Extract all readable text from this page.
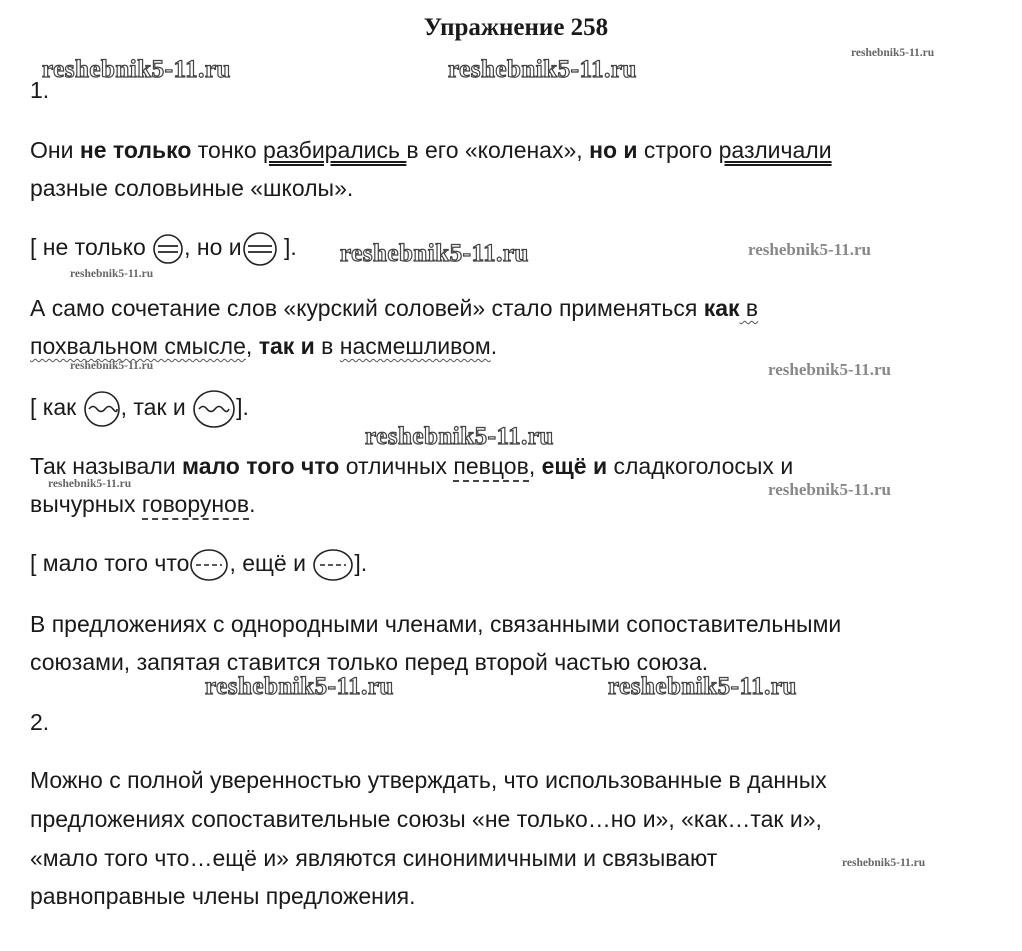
Упражнение 258
reshebnik5-11.ru
reshebnik5-11.ru	reshebnik5-11.ru
1.
Они не только тонко разбирались в его «коленах», но и строго различали
разные соловьиные «школы».
[ не только , но и ]. reshebnik5-11.ru	reshebnik5-11.ru
reshebnik5-11.ru
А само сочетание слов «курский соловей» стало применяться как в
похвальном смысле, так и в насмешливом.
reshebnik5-11.ru	reshebnik5-11.ru
[ как , так и ].
reshebnik5-11.ru
Так называли мало того что отличных певцов, ещё и сладкоголосых и
reshebnik5-11.ru	reshebnik5-11.ru
вычурных говорунов.
[ мало того что , ещё и ].
В предложениях с однородными членами, связанными сопоставительными
союзами, запятая ставится только перед второй частью союза.
reshebnik5-11.ru	reshebnik5-11.ru
2.
Можно с полной уверенностью утверждать, что использованные в данных
предложениях сопоставительные союзы «не только…но и», «как…так и»,
«мало того что…ещё и» являются синонимичными и связывают	reshebnik5-11.ru
равноправные члены предложения.
